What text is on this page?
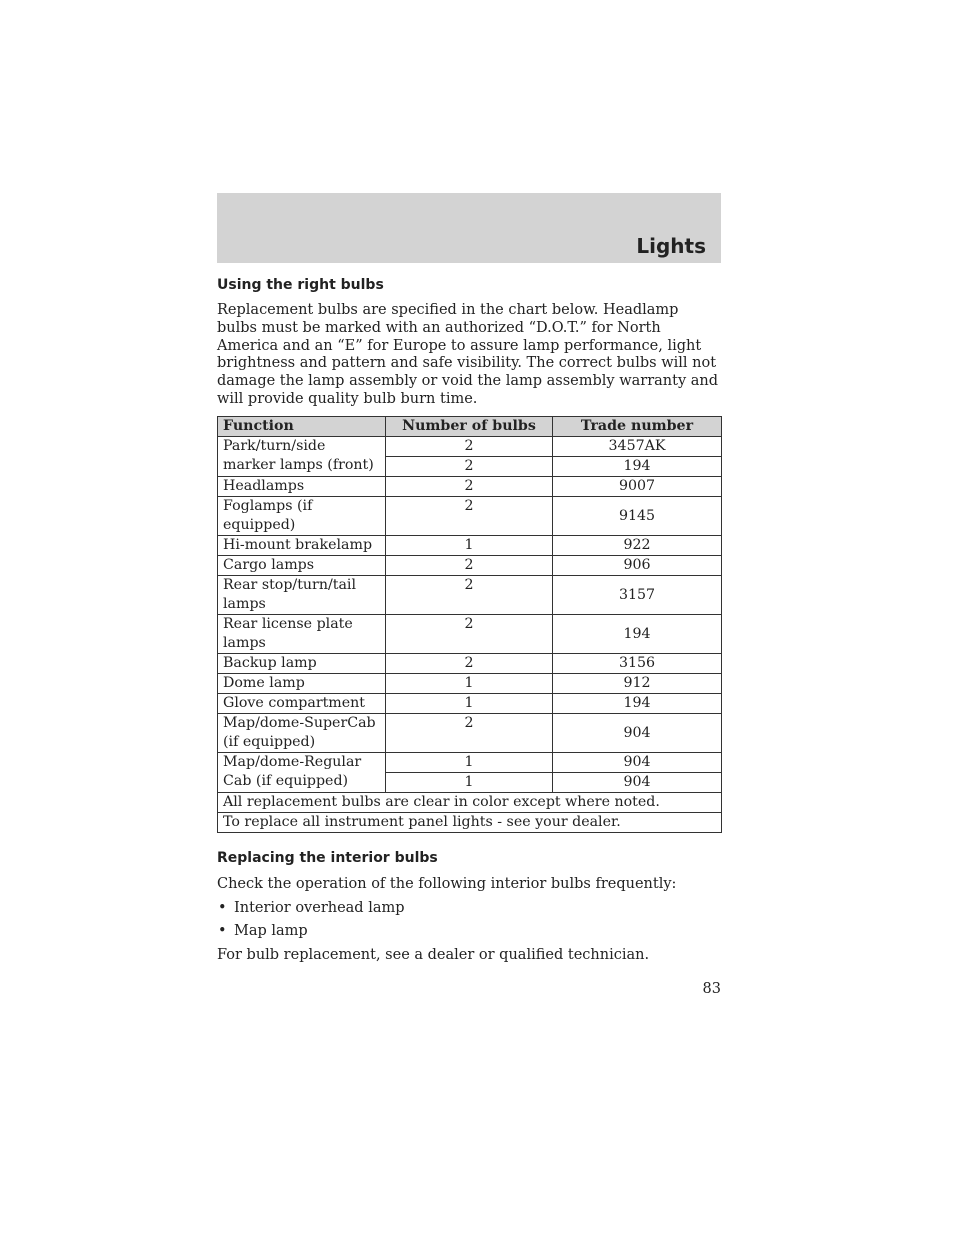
Lights
Using the right bulbs
Replacement bulbs are specified in the chart below. Headlamp bulbs must be marked with an authorized “D.O.T.” for North America and an “E” for Europe to assure lamp performance, light brightness and pattern and safe visibility. The correct bulbs will not damage the lamp assembly or void the lamp assembly warranty and will provide quality bulb burn time.
Function	Number of bulbs	Trade number
Park/turn/side marker lamps (front)	2	3457AK
	2	194
Headlamps	2	9007
Foglamps (if equipped)	2	9145
Hi-mount brakelamp	1	922
Cargo lamps	2	906
Rear stop/turn/tail lamps	2	3157
Rear license plate lamps	2	194
Backup lamp	2	3156
Dome lamp	1	912
Glove compartment	1	194
Map/dome-SuperCab (if equipped)	2	904
Map/dome-Regular Cab (if equipped)	1	904
	1	904
All replacement bulbs are clear in color except where noted.		
To replace all instrument panel lights - see your dealer.		
Replacing the interior bulbs
Check the operation of the following interior bulbs frequently:
• Interior overhead lamp
• Map lamp
For bulb replacement, see a dealer or qualified technician.
83
